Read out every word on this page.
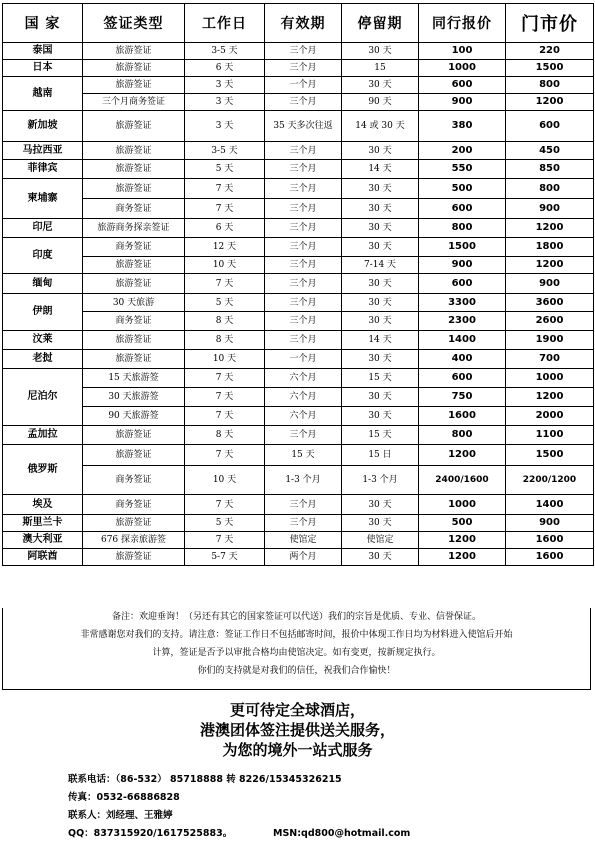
国 家	签证类型	工作日	有效期	停留期	同行报价	门市价
泰国	旅游签证	3-5 天	三个月	30 天	100	220
日本	旅游签证	6 天	三个月	15	1000	1500
越南	旅游签证	3 天	一个月	30 天	600	800
	三个月商务签证	3 天	三个月	90 天	900	1200
新加坡	旅游签证	3 天	35 天多次往返	14 或 30 天	380	600
马拉西亚	旅游签证	3-5 天	三个月	30 天	200	450
菲律宾	旅游签证	5 天	三个月	14 天	550	850
柬埔寨	旅游签证	7 天	三个月	30 天	500	800
	商务签证	7 天	三个月	30 天	600	900
印尼	旅游商务探亲签证	6 天	三个月	30 天	800	1200
印度	商务签证	12 天	三个月	30 天	1500	1800
	旅游签证	10 天	三个月	7-14 天	900	1200
缅甸	旅游签证	7 天	三个月	30 天	600	900
伊朗	30 天旅游	5 天	三个月	30 天	3300	3600
	商务签证	8 天	三个月	30 天	2300	2600
汶莱	旅游签证	8 天	三个月	14 天	1400	1900
老挝	旅游签证	10 天	一个月	30 天	400	700
尼泊尔	15 天旅游签	7 天	六个月	15 天	600	1000
	30 天旅游签	7 天	六个月	30 天	750	1200
	90 天旅游签	7 天	六个月	30 天	1600	2000
孟加拉	旅游签证	8 天	三个月	15 天	800	1100
俄罗斯	旅游签证	7 天	15 天	15 日	1200	1500
	商务签证	10 天	1-3 个月	1-3 个月	2400/1600	2200/1200
埃及	商务签证	7 天	三个月	30 天	1000	1400
斯里兰卡	旅游签证	5 天	三个月	30 天	500	900
澳大利亚	676 探亲旅游签	7 天	使馆定	使馆定	1200	1600
阿联酋	旅游签证	5-7 天	两个月	30 天	1200	1600
备注：欢迎垂询！（另还有其它的国家签证可以代送）我们的宗旨是优质、专业、信誉保证。
非常感谢您对我们的支持。请注意：签证工作日不包括邮寄时间，报价中体现工作日均为材料进入使馆后开始
计算，签证是否予以审批合格均由使馆决定。如有变更，按新规定执行。
你们的支持就是对我们的信任，祝我们合作愉快！
更可待定全球酒店，
港澳团体签注提供送关服务，
为您的境外一站式服务
联系电话：（86-532） 85718888 转 8226/15345326215
传真：0532-66886828
联系人：刘经理、王雅婷
QQ：837315920/1617525883。	MSN:qd800@hotmail.com
